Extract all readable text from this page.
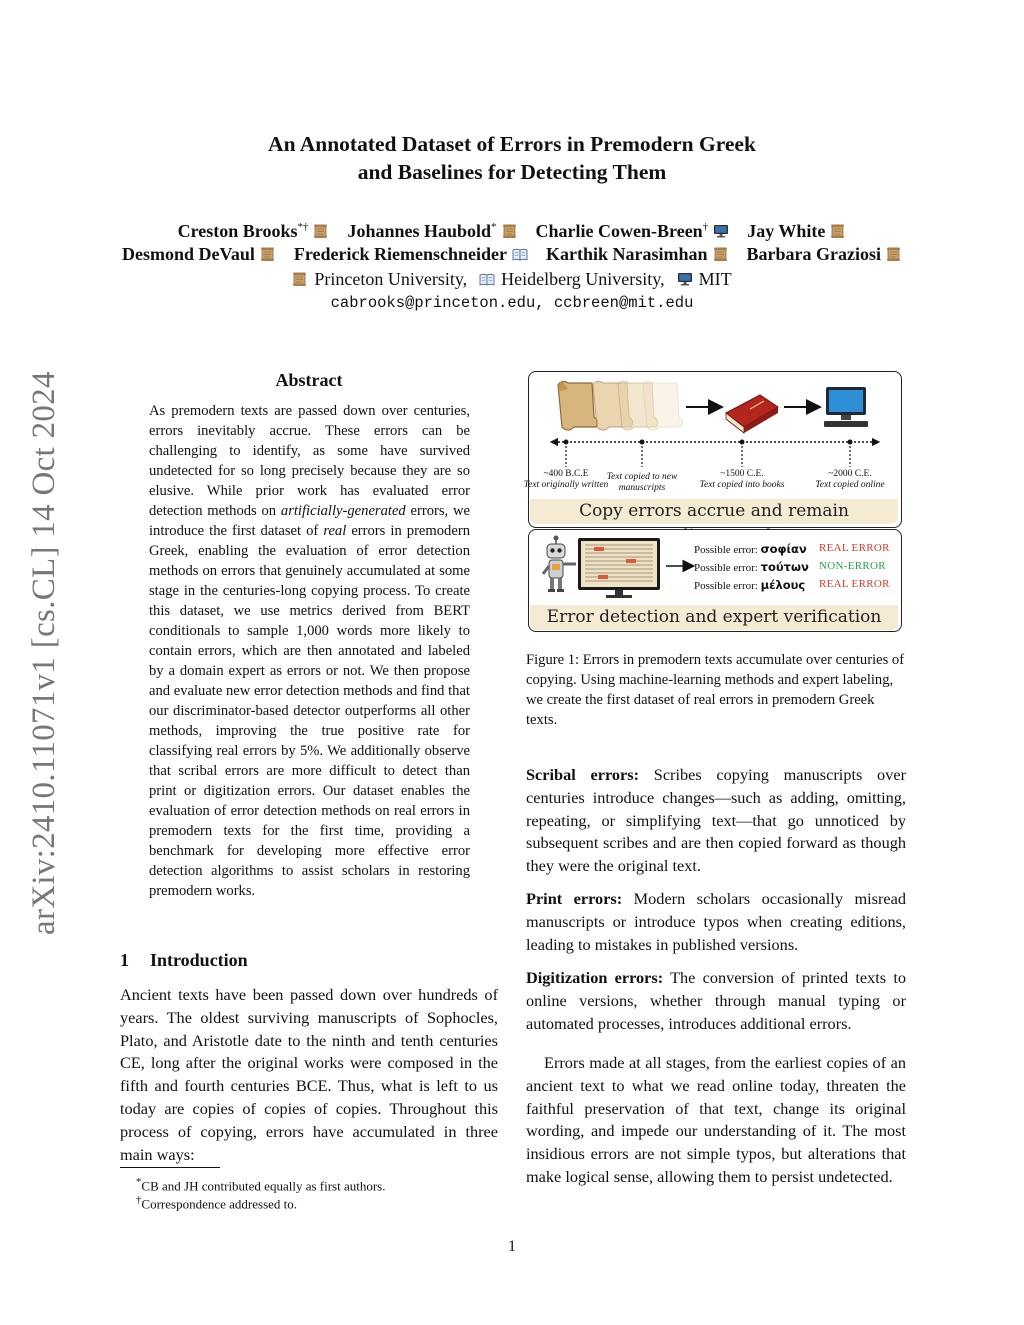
arXiv:2410.11071v1 [cs.CL] 14 Oct 2024
An Annotated Dataset of Errors in Premodern Greek
and Baselines for Detecting Them
Creston Brooks*† Johannes Haubold* Charlie Cowen-Breen† Jay White
Desmond DeVaul Frederick Riemenschneider Karthik Narasimhan Barbara Graziosi
Princeton University, Heidelberg University, MIT
cabrooks@princeton.edu, ccbreen@mit.edu
Abstract
As premodern texts are passed down over centuries, errors inevitably accrue. These errors can be challenging to identify, as some have survived undetected for so long precisely because they are so elusive. While prior work has evaluated error detection methods on artificially-generated errors, we introduce the first dataset of real errors in premodern Greek, enabling the evaluation of error detection methods on errors that genuinely accumulated at some stage in the centuries-long copying process. To create this dataset, we use metrics derived from BERT conditionals to sample 1,000 words more likely to contain errors, which are then annotated and labeled by a domain expert as errors or not. We then propose and evaluate new error detection methods and find that our discriminator-based detector outperforms all other methods, improving the true positive rate for classifying real errors by 5%. We additionally observe that scribal errors are more difficult to detect than print or digitization errors. Our dataset enables the evaluation of error detection methods on real errors in premodern texts for the first time, providing a benchmark for developing more effective error detection algorithms to assist scholars in restoring premodern works.
1 Introduction
Ancient texts have been passed down over hundreds of years. The oldest surviving manuscripts of Sophocles, Plato, and Aristotle date to the ninth and tenth centuries CE, long after the original works were composed in the fifth and fourth centuries BCE. Thus, what is left to us today are copies of copies of copies. Throughout this process of copying, errors have accumulated in three main ways:
*CB and JH contributed equally as first authors.
†Correspondence addressed to.
~400 B.C.E
Text originally written
Text copied to new manuscripts
~1500 C.E.
Text copied into books
~2000 C.E.
Text copied online
Copy errors accrue and remain
Possible error: σοφίαν REAL ERROR
Possible error: τούτων NON-ERROR
Possible error: μέλους REAL ERROR
Error detection and expert verification
Figure 1: Errors in premodern texts accumulate over centuries of copying. Using machine-learning methods and expert labeling, we create the first dataset of real errors in premodern Greek texts.
Scribal errors: Scribes copying manuscripts over centuries introduce changes—such as adding, omitting, repeating, or simplifying text—that go unnoticed by subsequent scribes and are then copied forward as though they were the original text.
Print errors: Modern scholars occasionally misread manuscripts or introduce typos when creating editions, leading to mistakes in published versions.
Digitization errors: The conversion of printed texts to online versions, whether through manual typing or automated processes, introduces additional errors.
Errors made at all stages, from the earliest copies of an ancient text to what we read online today, threaten the faithful preservation of that text, change its original wording, and impede our understanding of it. The most insidious errors are not simple typos, but alterations that make logical sense, allowing them to persist undetected.
1
